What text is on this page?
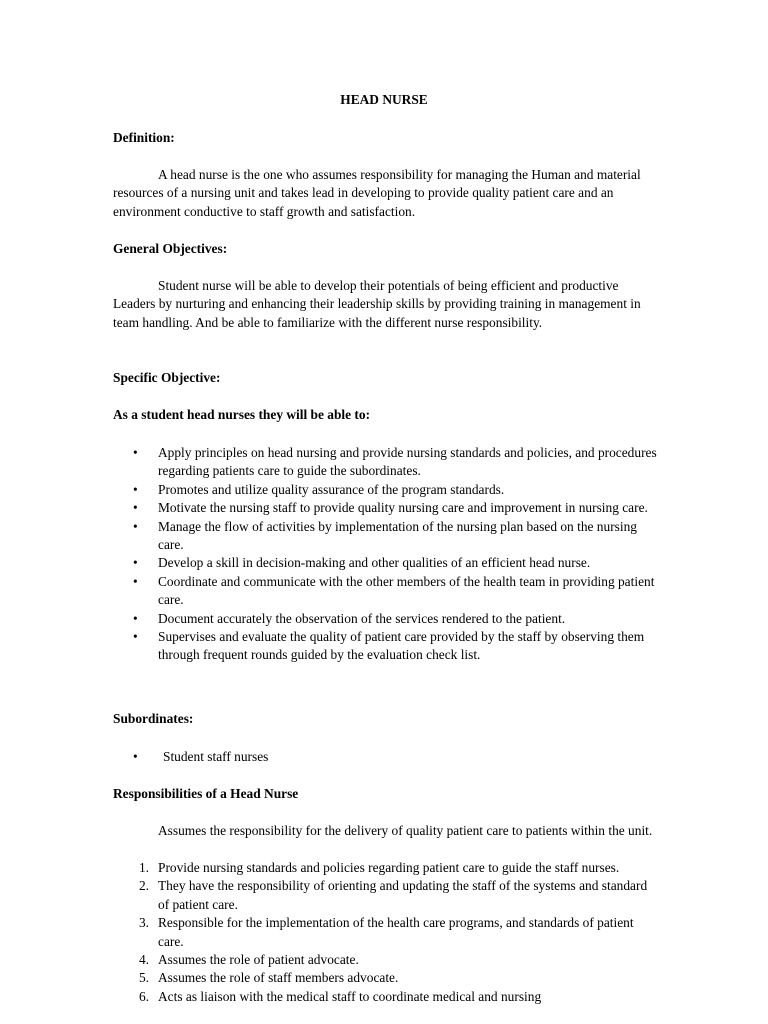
HEAD NURSE
Definition:

A head nurse is the one who assumes responsibility for managing the Human and material resources of a nursing unit and takes lead in developing to provide quality patient care and an environment conductive to staff growth and satisfaction.

General Objectives:

Student nurse will be able to develop their potentials of being efficient and productive Leaders by nurturing and enhancing their leadership skills by providing training in management in team handling. And be able to familiarize with the different nurse responsibility.

Specific Objective:
As a student head nurses they will be able to:
•	Apply principles on head nursing and provide nursing standards and policies, and procedures regarding patients care to guide the subordinates.
•	Promotes and utilize quality assurance of the program standards.
•	Motivate the nursing staff to provide quality nursing care and improvement in nursing care.
•	Manage the flow of activities by implementation of the nursing plan based on the nursing care.
•	Develop a skill in decision-making and other qualities of an efficient head nurse.
•	Coordinate and communicate with the other members of the health team in providing patient care.
•	Document accurately the observation of the services rendered to the patient.
•	Supervises and evaluate the quality of patient care provided by the staff by observing them through frequent rounds guided by the evaluation check list.
Subordinates:
•	Student staff nurses
Responsibilities of a Head Nurse

Assumes the responsibility for the delivery of quality patient care to patients within the unit.

1. Provide nursing standards and policies regarding patient care to guide the staff nurses.
2. They have the responsibility of orienting and updating the staff of the systems and standard of patient care.
3. Responsible for the implementation of the health care programs, and standards of patient care.
4. Assumes the role of patient advocate.
5. Assumes the role of staff members advocate.
6. Acts as liaison with the medical staff to coordinate medical and nursing
